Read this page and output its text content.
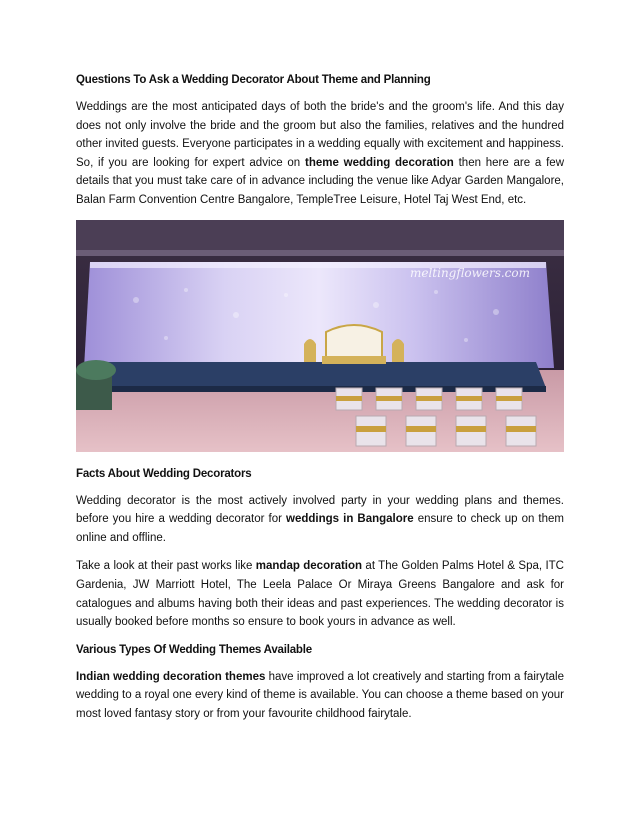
Questions To Ask a Wedding Decorator About Theme and Planning

Weddings are the most anticipated days of both the bride's and the groom's life. And this day does not only involve the bride and the groom but also the families, relatives and the hundred other invited guests. Everyone participates in a wedding equally with excitement and happiness. So, if you are looking for expert advice on theme wedding decoration then here are a few details that you must take care of in advance including the venue like Adyar Garden Mangalore, Balan Farm Convention Centre Bangalore, TempleTree Leisure, Hotel Taj West End, etc.

meltingflowers.com
Facts About Wedding Decorators

Wedding decorator is the most actively involved party in your wedding plans and themes. before you hire a wedding decorator for weddings in Bangalore ensure to check up on them online and offline.

Take a look at their past works like mandap decoration at The Golden Palms Hotel & Spa, ITC Gardenia, JW Marriott Hotel, The Leela Palace Or Miraya Greens Bangalore and ask for catalogues and albums having both their ideas and past experiences. The wedding decorator is usually booked before months so ensure to book yours in advance as well.

Various Types Of Wedding Themes Available

Indian wedding decoration themes have improved a lot creatively and starting from a fairytale wedding to a royal one every kind of theme is available. You can choose a theme based on your most loved fantasy story or from your favourite childhood fairytale.
